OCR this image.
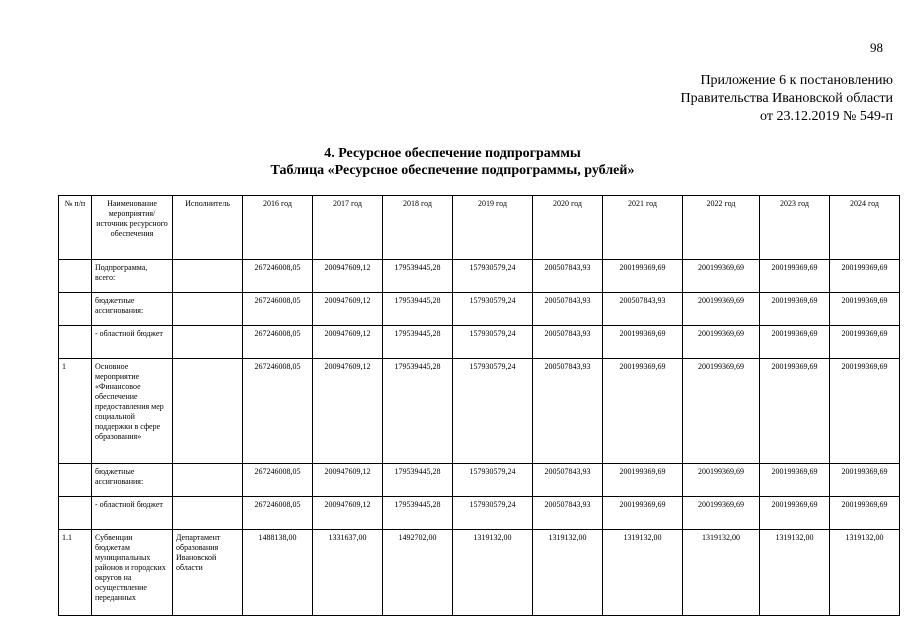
98
Приложение 6 к постановлению
Правительства Ивановской области
от 23.12.2019 № 549-п
4. Ресурсное обеспечение подпрограммы
Таблица «Ресурсное обеспечение подпрограммы, рублей»
№ п/п	Наименование мероприятия/ источник ресурсного обеспечения	Исполнитель	2016 год	2017 год	2018 год	2019 год	2020 год	2021 год	2022 год	2023 год	2024 год
	Подпрограмма, всего:		267246008,05	200947609,12	179539445,28	157930579,24	200507843,93	200199369,69	200199369,69	200199369,69	200199369,69
	бюджетные ассигнования:		267246008,05	200947609,12	179539445,28	157930579,24	200507843,93	200507843,93	200199369,69	200199369,69	200199369,69
	- областной бюджет		267246008,05	200947609,12	179539445,28	157930579,24	200507843,93	200199369,69	200199369,69	200199369,69	200199369,69
1	Основное мероприятие «Финансовое обеспечение предоставления мер социальной поддержки в сфере образования»		267246008,05	200947609,12	179539445,28	157930579,24	200507843,93	200199369,69	200199369,69	200199369,69	200199369,69
	бюджетные ассигнования:		267246008,05	200947609,12	179539445,28	157930579,24	200507843,93	200199369,69	200199369,69	200199369,69	200199369,69
	- областной бюджет		267246008,05	200947609,12	179539445,28	157930579,24	200507843,93	200199369,69	200199369,69	200199369,69	200199369,69
1.1	Субвенции бюджетам муниципальных районов и городских округов на осуществление переданных	Департамент образования Ивановской области	1488138,00	1331637,00	1492702,00	1319132,00	1319132,00	1319132,00	1319132,00	1319132,00	1319132,00
